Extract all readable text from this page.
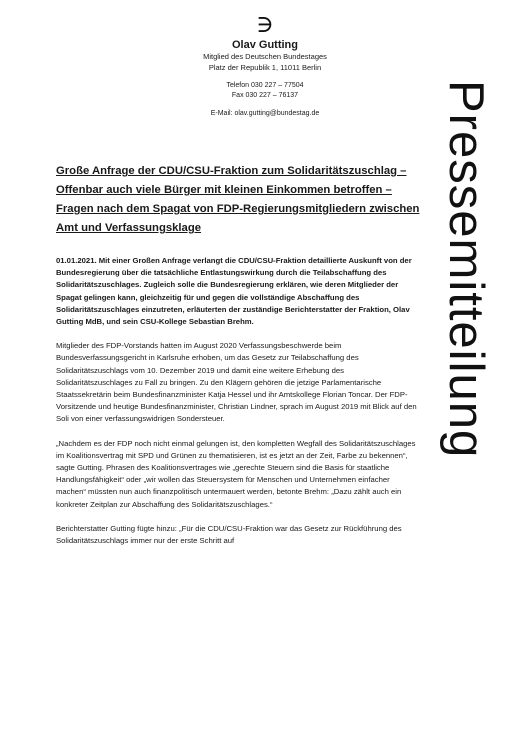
∋
Olav Gutting
Mitglied des Deutschen Bundestages
Platz der Republik 1, 11011 Berlin
Telefon 030 227 – 77504
Fax 030 227 – 76137
E-Mail: olav.gutting@bundestag.de	Pressemitteilung
Große Anfrage der CDU/CSU-Fraktion zum Solidaritätszuschlag – Offenbar auch viele Bürger mit kleinen Einkommen betroffen – Fragen nach dem Spagat von FDP-Regierungsmitgliedern zwischen Amt und Verfassungsklage

01.01.2021. Mit einer Großen Anfrage verlangt die CDU/CSU-Fraktion detaillierte Auskunft von der Bundesregierung über die tatsächliche Entlastungswirkung durch die Teilabschaffung des Solidaritätszuschlages. Zugleich solle die Bundesregierung erklären, wie deren Mitglieder der Spagat gelingen kann, gleichzeitig für und gegen die vollständige Abschaffung des Solidaritätszuschlages einzutreten, erläuterten der zuständige Berichterstatter der Fraktion, Olav Gutting MdB, und sein CSU-Kollege Sebastian Brehm.

Mitglieder des FDP-Vorstands hatten im August 2020 Verfassungsbeschwerde beim Bundesverfassungsgericht in Karlsruhe erhoben, um das Gesetz zur Teilabschaffung des Solidaritätszuschlags vom 10. Dezember 2019 und damit eine weitere Erhebung des Solidaritätszuschlages zu Fall zu bringen. Zu den Klägern gehören die jetzige Parlamentarische Staatssekretärin beim Bundesfinanzminister Katja Hessel und ihr Amtskollege Florian Toncar. Der FDP-Vorsitzende und heutige Bundesfinanzminister, Christian Lindner, sprach im August 2019 mit Blick auf den Soli von einer verfassungswidrigen Sondersteuer.

„Nachdem es der FDP noch nicht einmal gelungen ist, den kompletten Wegfall des Solidaritätszuschlages im Koalitionsvertrag mit SPD und Grünen zu thematisieren, ist es jetzt an der Zeit, Farbe zu bekennen“, sagte Gutting. Phrasen des Koalitionsvertrages wie „gerechte Steuern sind die Basis für staatliche Handlungsfähigkeit“ oder „wir wollen das Steuersystem für Menschen und Unternehmen einfacher machen“ müssten nun auch finanzpolitisch untermauert werden, betonte Brehm: „Dazu zählt auch ein konkreter Zeitplan zur Abschaffung des Solidaritätszuschlages.“

Berichterstatter Gutting fügte hinzu: „Für die CDU/CSU-Fraktion war das Gesetz zur Rückführung des Solidaritätszuschlags immer nur der erste Schritt auf
